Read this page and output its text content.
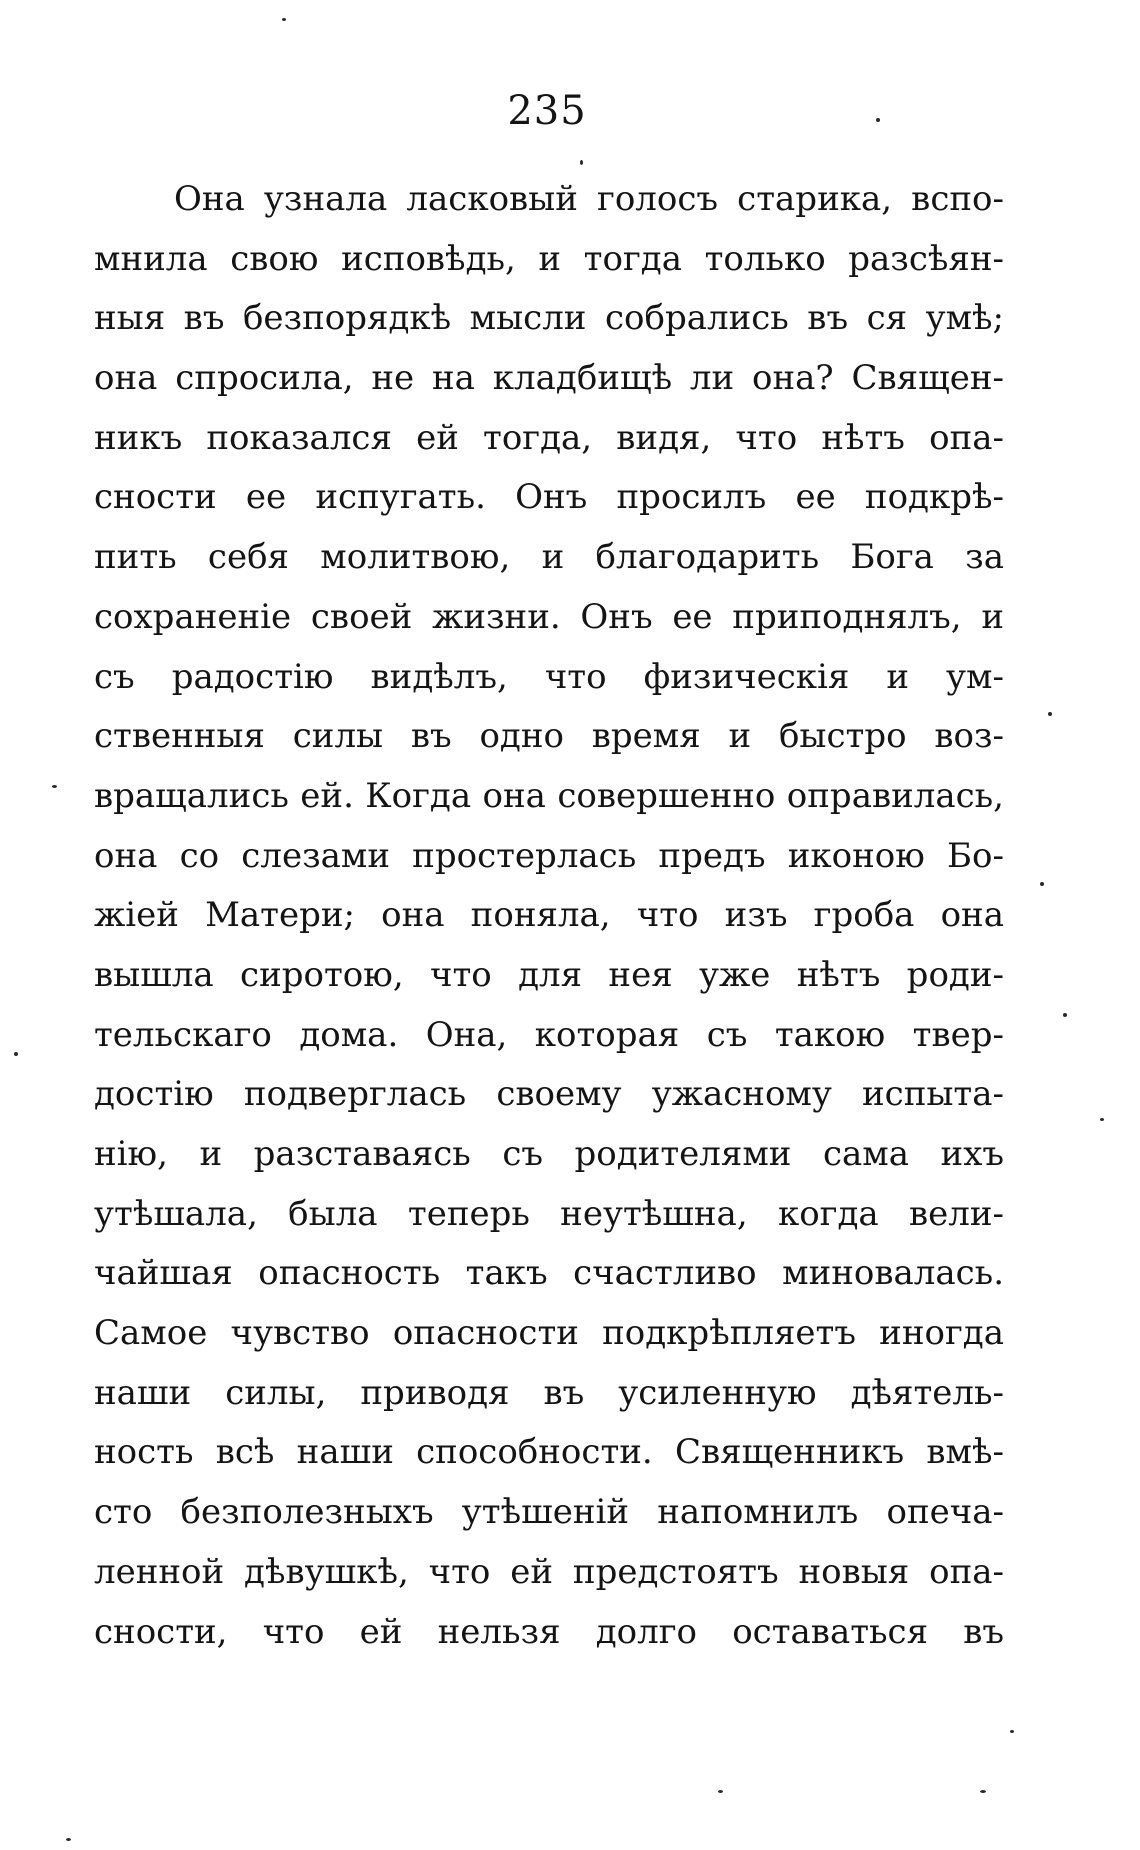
235
Она узнала ласковый голосъ старика, вспо-
мнила свою исповѣдь, и тогда только разсѣян-
ныя въ безпорядкѣ мысли собрались въ ся умѣ;
она спросила, не на кладбищѣ ли она? Священ-
никъ показался ей тогда, видя, что нѣтъ опа-
сности ее испугать. Онъ просилъ ее подкрѣ-
пить себя молитвою, и благодарить Бога за
сохраненіе своей жизни. Онъ ее приподнялъ, и
съ радостію видѣлъ, что физическія и ум-
ственныя силы въ одно время и быстро воз-
вращались ей. Когда она совершенно оправилась,
она со слезами простерлась предъ иконою Бо-
жіей Матери; она поняла, что изъ гроба она
вышла сиротою, что для нея уже нѣтъ роди-
тельскаго дома. Она, которая съ такою твер-
достію подверглась своему ужасному испыта-
нію, и разставаясь съ родителями сама ихъ
утѣшала, была теперь неутѣшна, когда вели-
чайшая опасность такъ счастливо миновалась.
Самое чувство опасности подкрѣпляетъ иногда
наши силы, приводя въ усиленную дѣятель-
ность всѣ наши способности. Священникъ вмѣ-
сто безполезныхъ утѣшеній напомнилъ опеча-
ленной дѣвушкѣ, что ей предстоятъ новыя опа-
сности, что ей нельзя долго оставаться въ
